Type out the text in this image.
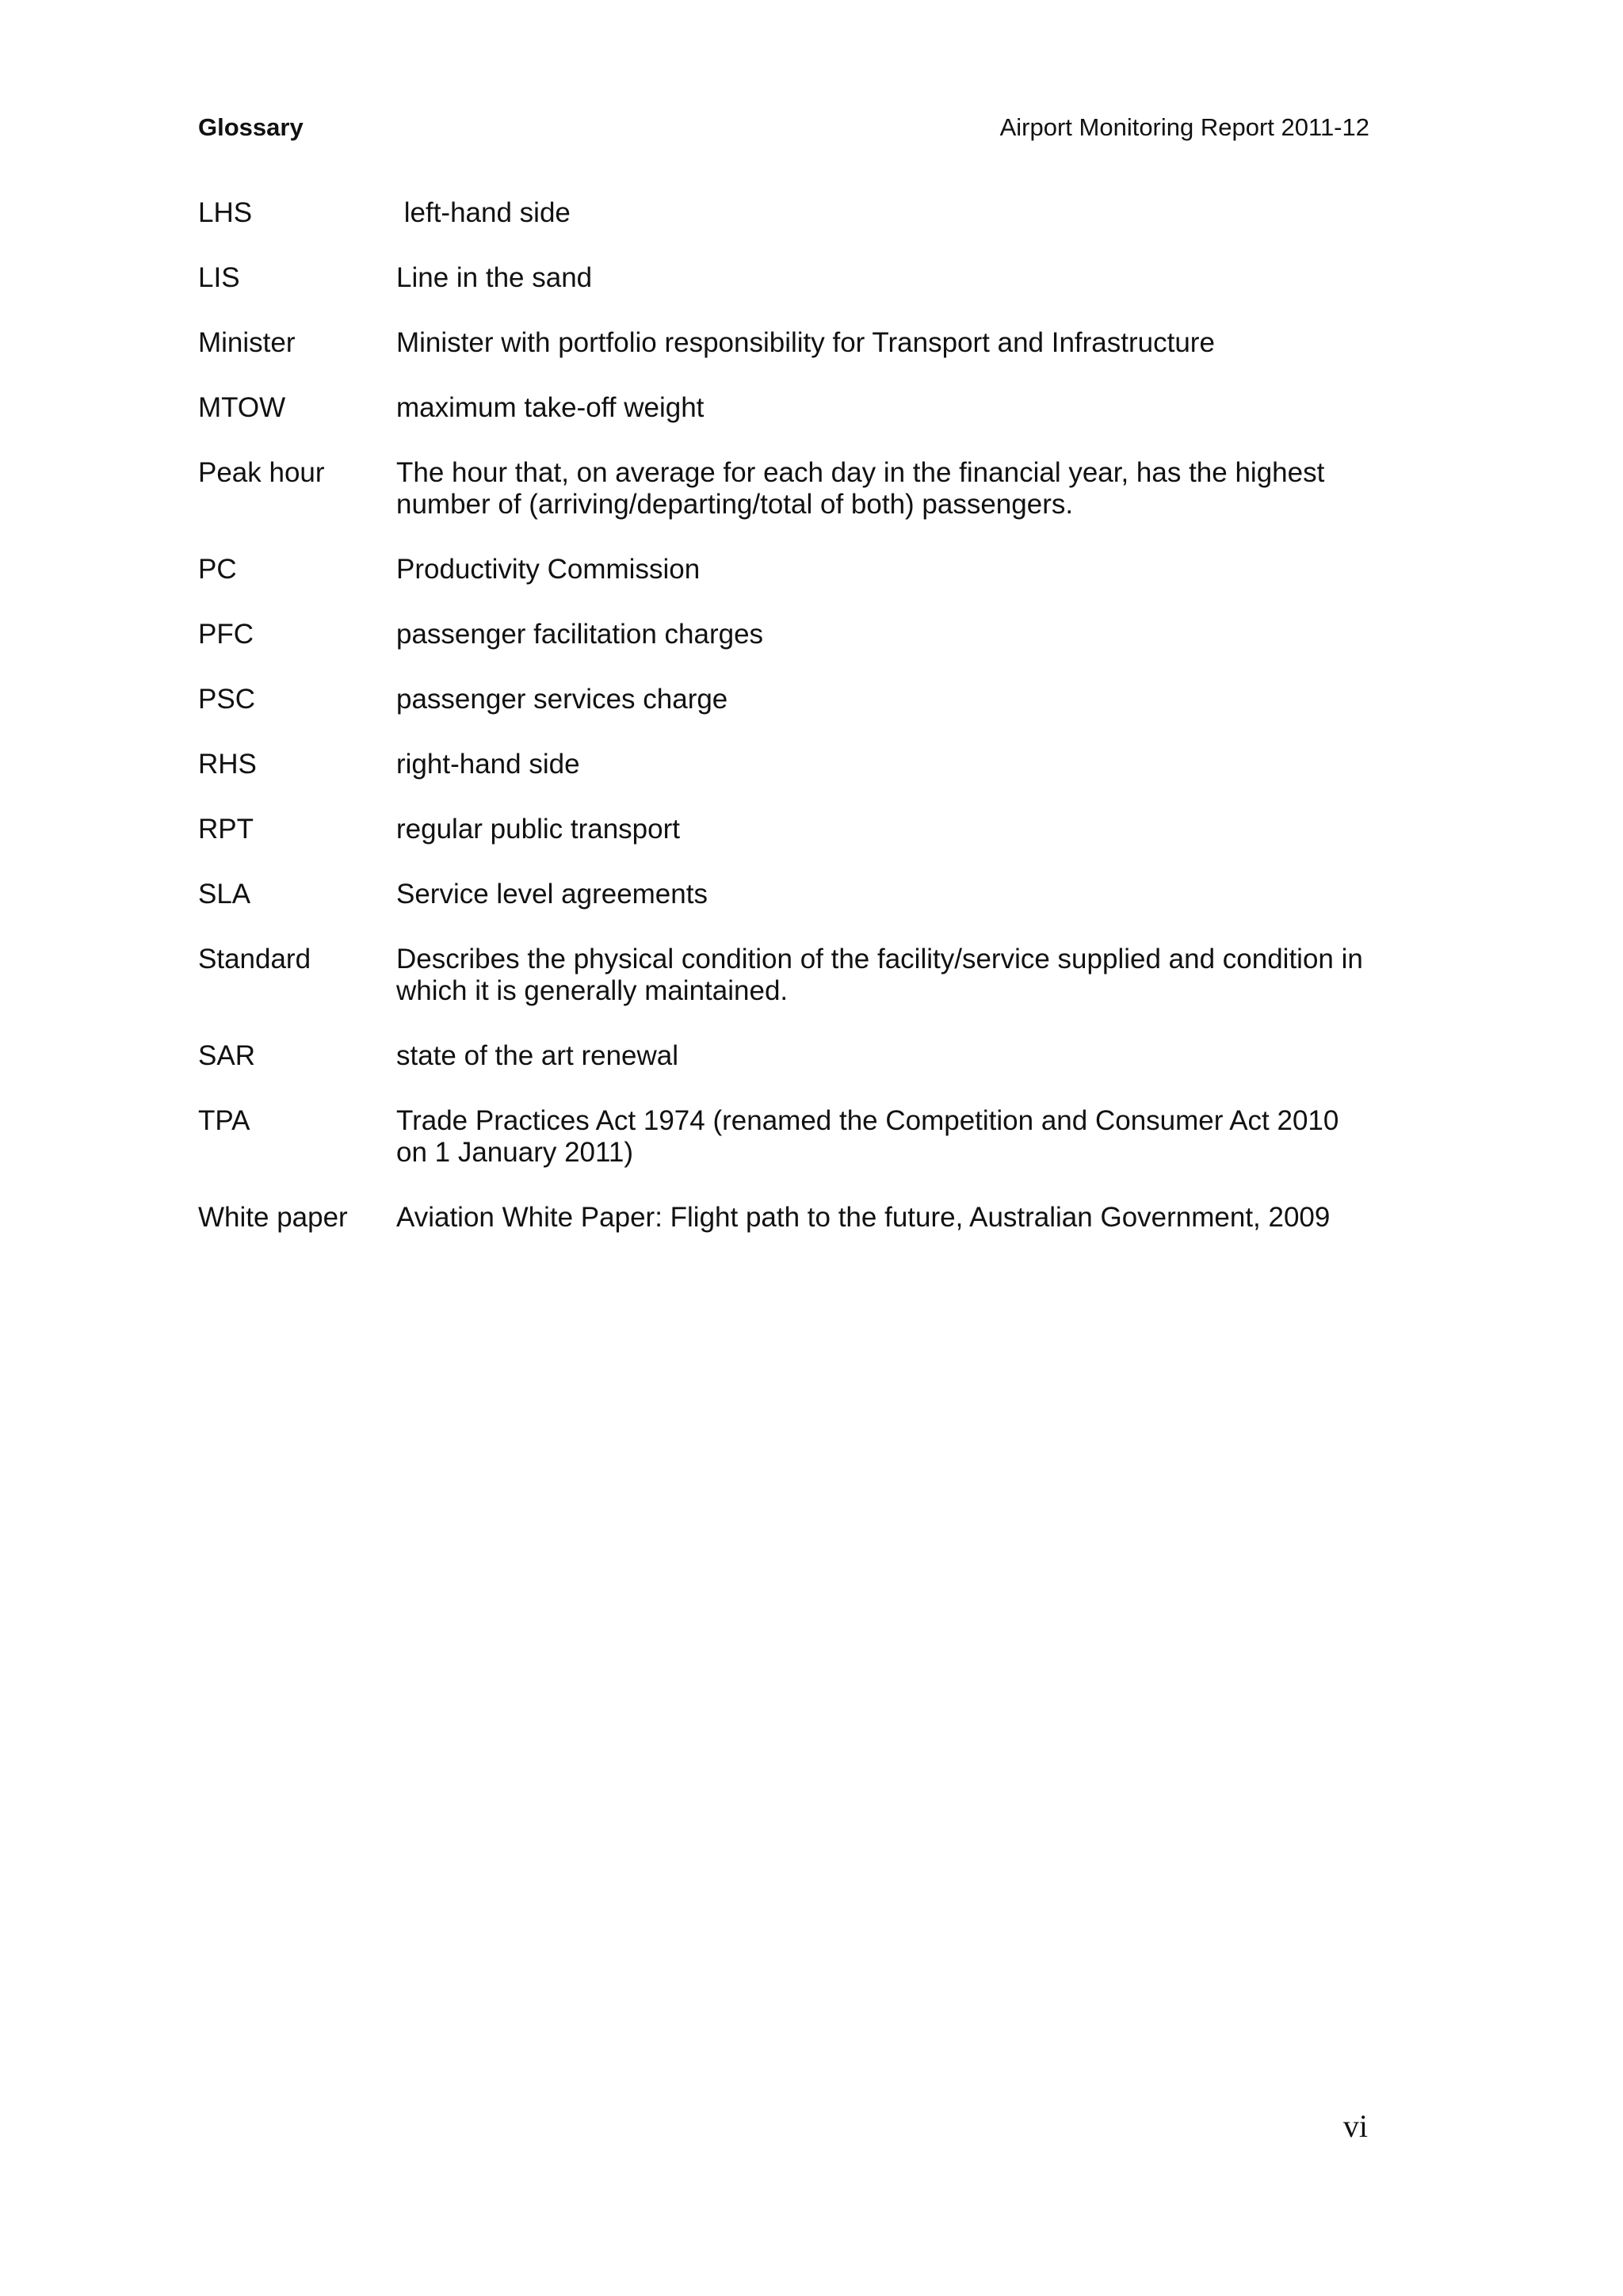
Glossary	Airport Monitoring Report 2011-12
LHS	left-hand side
LIS	Line in the sand
Minister	Minister with portfolio responsibility for Transport and Infrastructure
MTOW	maximum take-off weight
Peak hour	The hour that, on average for each day in the financial year, has the highest
number of (arriving/departing/total of both) passengers.
PC	Productivity Commission
PFC	passenger facilitation charges
PSC	passenger services charge
RHS	right-hand side
RPT	regular public transport
SLA	Service level agreements
Standard	Describes the physical condition of the facility/service supplied and condition in
which it is generally maintained.
SAR	state of the art renewal
TPA	Trade Practices Act 1974 (renamed the Competition and Consumer Act 2010
on 1 January 2011)
White paper	Aviation White Paper: Flight path to the future, Australian Government, 2009
vi
